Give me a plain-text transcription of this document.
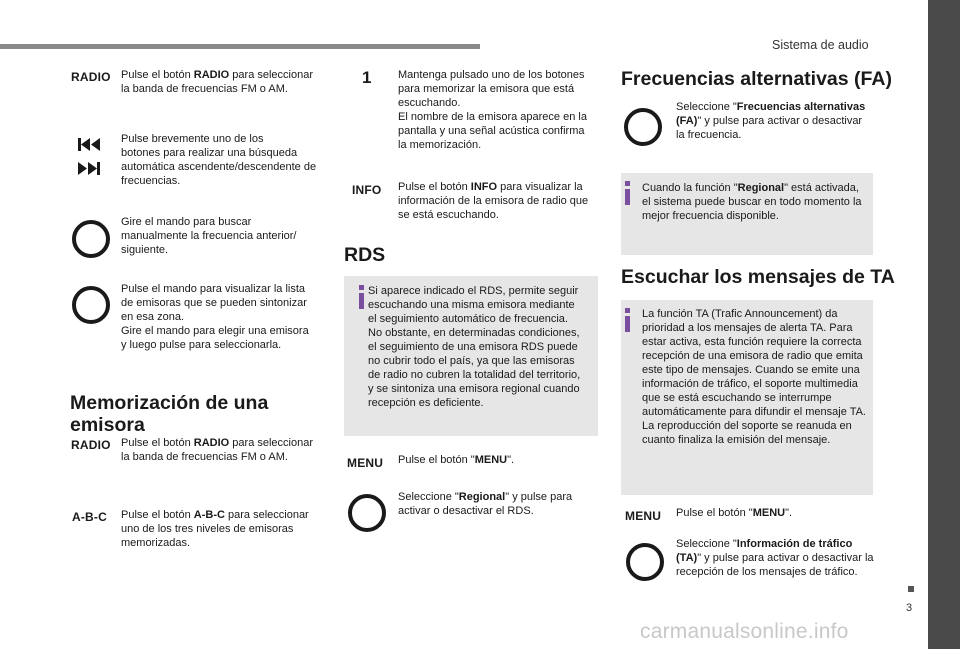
Sistema de audio
3
RADIO Pulse el botón RADIO para seleccionar
la banda de frecuencias FM o AM.
Pulse brevemente uno de los
botones para realizar una búsqueda
automática ascendente/descendente de
frecuencias.
Gire el mando para buscar
manualmente la frecuencia anterior/
siguiente.
Pulse el mando para visualizar la lista
de emisoras que se pueden sintonizar
en esa zona.
Gire el mando para elegir una emisora
y luego pulse para seleccionarla.
Memorización de una
emisora
RADIO Pulse el botón RADIO para seleccionar
la banda de frecuencias FM o AM.
A-B-C Pulse el botón A-B-C para seleccionar
uno de los tres niveles de emisoras
memorizadas.
1 Mantenga pulsado uno de los botones
para memorizar la emisora que está
escuchando.
El nombre de la emisora aparece en la
pantalla y una señal acústica confirma
la memorización.
INFO Pulse el botón INFO para visualizar la
información de la emisora de radio que
se está escuchando.
RDS
Si aparece indicado el RDS, permite seguir
escuchando una misma emisora mediante
el seguimiento automático de frecuencia.
No obstante, en determinadas condiciones,
el seguimiento de una emisora RDS puede
no cubrir todo el país, ya que las emisoras
de radio no cubren la totalidad del territorio,
y se sintoniza una emisora regional cuando
recepción es deficiente.
MENU Pulse el botón "MENU".
Seleccione "Regional" y pulse para
activar o desactivar el RDS.
Frecuencias alternativas (FA)
Seleccione "Frecuencias alternativas
(FA)" y pulse para activar o desactivar
la frecuencia.
Cuando la función "Regional" está activada,
el sistema puede buscar en todo momento la
mejor frecuencia disponible.
Escuchar los mensajes de TA
La función TA (Trafic Announcement) da
prioridad a los mensajes de alerta TA. Para
estar activa, esta función requiere la correcta
recepción de una emisora de radio que emita
este tipo de mensajes. Cuando se emite una
información de tráfico, el soporte multimedia
que se está escuchando se interrumpe
automáticamente para difundir el mensaje TA.
La reproducción del soporte se reanuda en
cuanto finaliza la emisión del mensaje.
MENU Pulse el botón "MENU".
Seleccione "Información de tráfico
(TA)" y pulse para activar o desactivar la
recepción de los mensajes de tráfico.
carmanualsonline.info
